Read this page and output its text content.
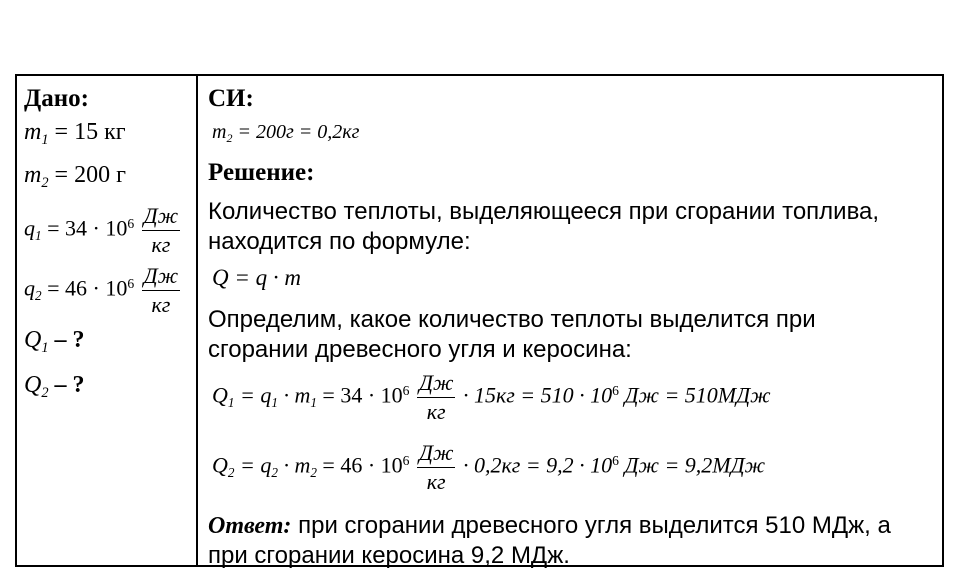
Дано:
$m_1 = 15$ кг
$m_2 = 200$ г
$q_1 = 34 \cdot 10^6 \frac{Дж}{кг}$
$q_2 = 46 \cdot 10^6 \frac{Дж}{кг}$
$Q_1$ – ?
$Q_2$ – ?
СИ:
$m_2 = 200г = 0,2кг$
Решение:
Количество теплоты, выделяющееся при сгорании топлива,
находится по формуле:
Q = q · m
Определим, какое количество теплоты выделится при
сгорании древесного угля и керосина:
$Q_1 = q_1 \cdot m_1 = 34 \cdot 10^6 \frac{Дж}{кг} \cdot 15кг = 510 \cdot 10^6$ Дж = 510МДж
$Q_2 = q_2 \cdot m_2 = 46 \cdot 10^6 \frac{Дж}{кг} \cdot 0,2кг = 9,2 \cdot 10^6$ Дж = 9,2МДж
Ответ: при сгорании древесного угля выделится 510 МДж, а
при сгорании керосина 9,2 МДж.
